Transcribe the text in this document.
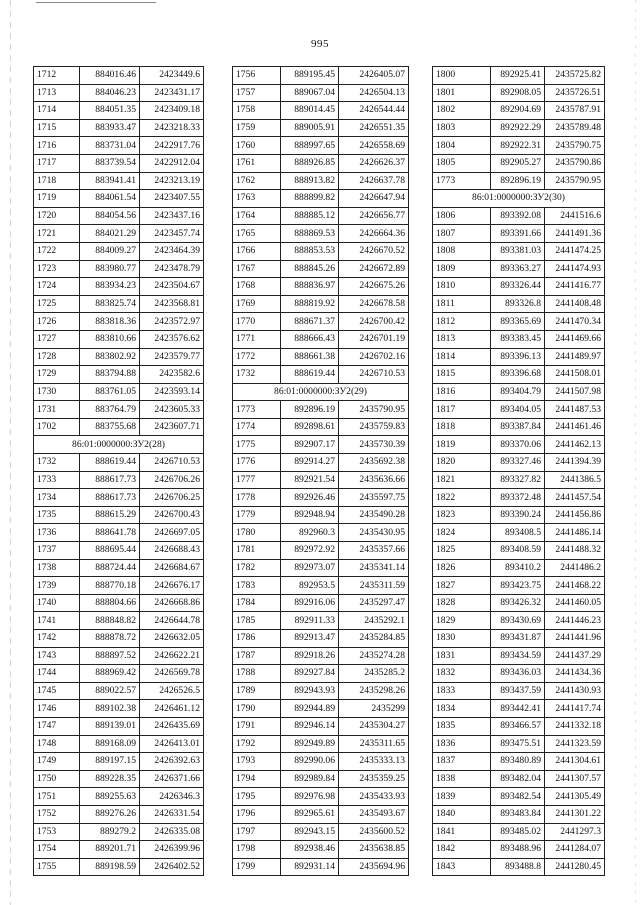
995
1712	884016.46	2423449.6
1713	884046.23	2423431.17
1714	884051.35	2423409.18
1715	883933.47	2423218.33
1716	883731.04	2422917.76
1717	883739.54	2422912.04
1718	883941.41	2423213.19
1719	884061.54	2423407.55
1720	884054.56	2423437.16
1721	884021.29	2423457.74
1722	884009.27	2423464.39
1723	883980.77	2423478.79
1724	883934.23	2423504.67
1725	883825.74	2423568.81
1726	883818.36	2423572.97
1727	883810.66	2423576.62
1728	883802.92	2423579.77
1729	883794.88	2423582.6
1730	883761.05	2423593.14
1731	883764.79	2423605.33
1702	883755.68	2423607.71
86:01:0000000:ЗУ2(28)		
1732	888619.44	2426710.53
1733	888617.73	2426706.26
1734	888617.73	2426706.25
1735	888615.29	2426700.43
1736	888641.78	2426697.05
1737	888695.44	2426688.43
1738	888724.44	2426684.67
1739	888770.18	2426676.17
1740	888804.66	2426668.86
1741	888848.82	2426644.78
1742	888878.72	2426632.05
1743	888897.52	2426622.21
1744	888969.42	2426569.78
1745	889022.57	2426526.5
1746	889102.38	2426461.12
1747	889139.01	2426435.69
1748	889168.09	2426413.01
1749	889197.15	2426392.63
1750	889228.35	2426371.66
1751	889255.63	2426346.3
1752	889276.26	2426331.54
1753	889279.2	2426335.08
1754	889201.71	2426399.96
1755	889198.59	2426402.52
1756	889195.45	2426405.07
1757	889067.04	2426504.13
1758	889014.45	2426544.44
1759	889005.91	2426551.35
1760	888997.65	2426558.69
1761	888926.85	2426626.37
1762	888913.82	2426637.78
1763	888899.82	2426647.94
1764	888885.12	2426656.77
1765	888869.53	2426664.36
1766	888853.53	2426670.52
1767	888845.26	2426672.89
1768	888836.97	2426675.26
1769	888819.92	2426678.58
1770	888671.37	2426700.42
1771	888666.43	2426701.19
1772	888661.38	2426702.16
1732	888619.44	2426710.53
86:01:0000000:ЗУ2(29)		
1773	892896.19	2435790.95
1774	892898.61	2435759.83
1775	892907.17	2435730.39
1776	892914.27	2435692.38
1777	892921.54	2435636.66
1778	892926.46	2435597.75
1779	892948.94	2435490.28
1780	892960.3	2435430.95
1781	892972.92	2435357.66
1782	892973.07	2435341.14
1783	892953.5	2435311.59
1784	892916.06	2435297.47
1785	892911.33	2435292.1
1786	892913.47	2435284.85
1787	892918.26	2435274.28
1788	892927.84	2435285.2
1789	892943.93	2435298.26
1790	892944.89	2435299
1791	892946.14	2435304.27
1792	892949.89	2435311.65
1793	892990.06	2435333.13
1794	892989.84	2435359.25
1795	892976.98	2435433.93
1796	892965.61	2435493.67
1797	892943.15	2435600.52
1798	892938.46	2435638.85
1799	892931.14	2435694.96
1800	892925.41	2435725.82
1801	892908.05	2435726.51
1802	892904.69	2435787.91
1803	892922.29	2435789.48
1804	892922.31	2435790.75
1805	892905.27	2435790.86
1773	892896.19	2435790.95
86:01:0000000:ЗУ2(30)		
1806	893392.08	2441516.6
1807	893391.66	2441491.36
1808	893381.03	2441474.25
1809	893363.27	2441474.93
1810	893326.44	2441416.77
1811	893326.8	2441408.48
1812	893365.69	2441470.34
1813	893383.45	2441469.66
1814	893396.13	2441489.97
1815	893396.68	2441508.01
1816	893404.79	2441507.98
1817	893404.05	2441487.53
1818	893387.84	2441461.46
1819	893370.06	2441462.13
1820	893327.46	2441394.39
1821	893327.82	2441386.5
1822	893372.48	2441457.54
1823	893390.24	2441456.86
1824	893408.5	2441486.14
1825	893408.59	2441488.32
1826	893410.2	2441486.2
1827	893423.75	2441468.22
1828	893426.32	2441460.05
1829	893430.69	2441446.23
1830	893431.87	2441441.96
1831	893434.59	2441437.29
1832	893436.03	2441434.36
1833	893437.59	2441430.93
1834	893442.41	2441417.74
1835	893466.57	2441332.18
1836	893475.51	2441323.59
1837	893480.89	2441304.61
1838	893482.04	2441307.57
1839	893482.54	2441305.49
1840	893483.84	2441301.22
1841	893485.02	2441297.3
1842	893488.96	2441284.07
1843	893488.8	2441280.45
